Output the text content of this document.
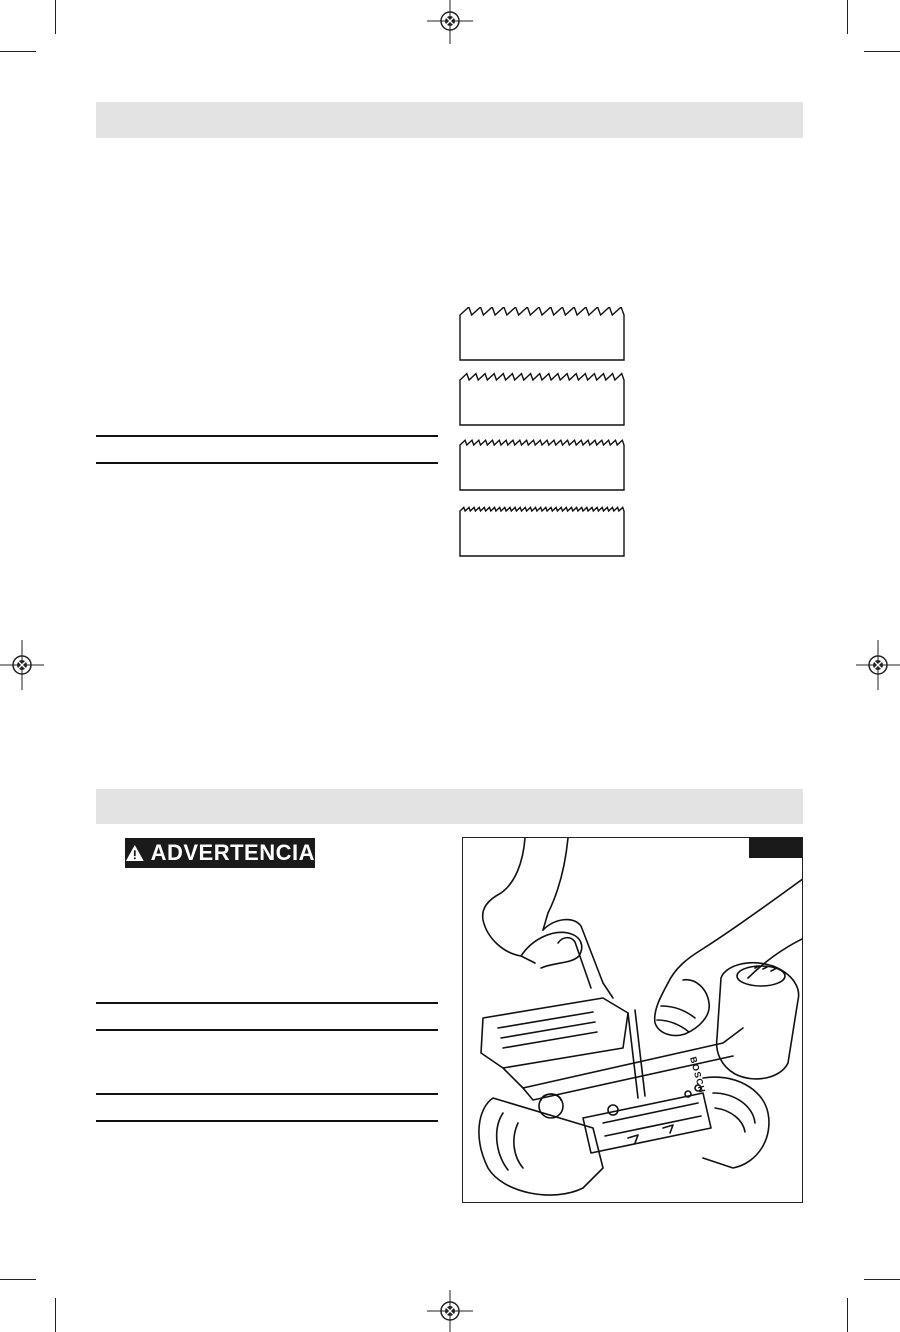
ADVERTENCIA
BOSCH
